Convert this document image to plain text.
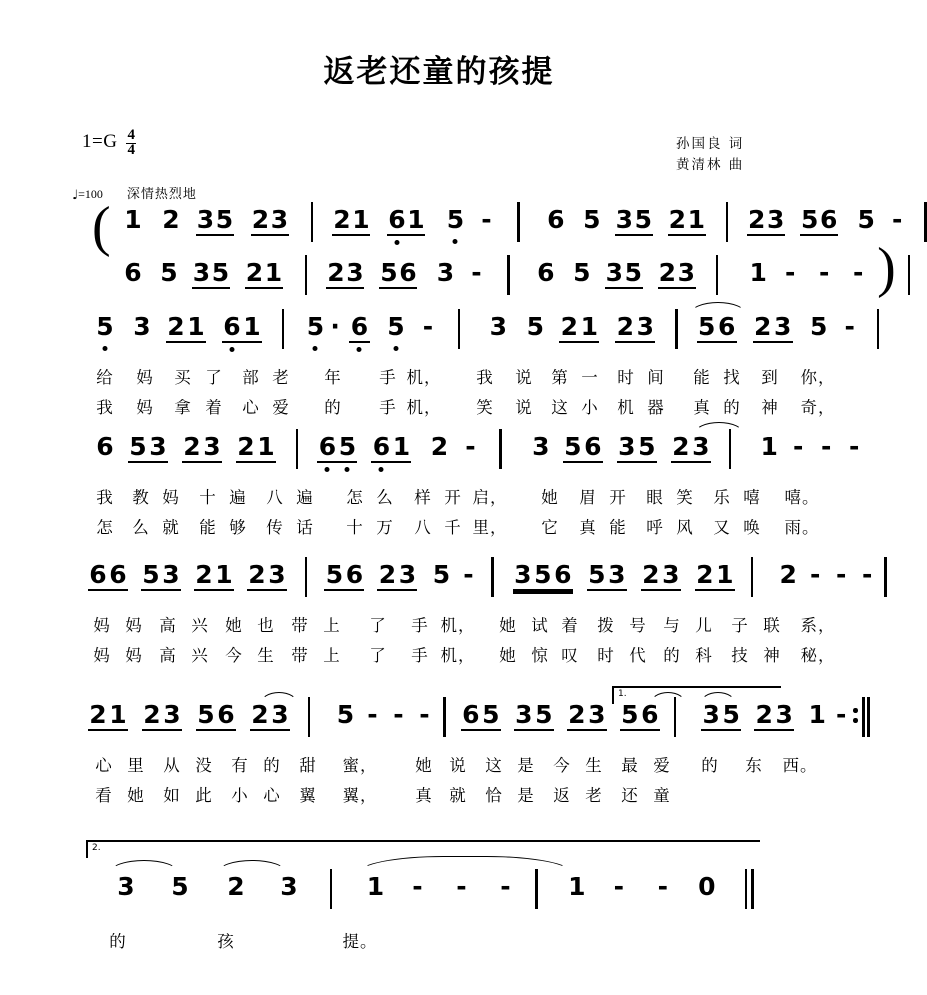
返老还童的孩提
$1=G \frac{4}{4}$	孙国良 词
黄清林 曲
♩=100 深情热烈地
( 1 2 3 5 2 3 2 1 6 1 5 -	6 5 3 5 2 1 2 3 5 6 5 -
6 5 3 5 2 1 2 3 5 6 3 -	6 5 3 5 2 3 1 - - - )
5 3 2 1 6 1 5 · 6 5 -	3 5 2 1 2 3 5 6 2 3 5 -
给 妈 买 了 部 老 年 手 机， 我 说 第 一 时 间 能 找 到 你，
我 妈 拿 着 心 爱 的 手 机， 笑 说 这 小 机 器 真 的 神 奇，
6 5 3 2 3 2 1 6 5 6 1 2 -	3 5 6 3 5 2 3 1 - - -
我 教 妈 十 遍 八 遍 怎 么 样 开 启， 她 眉 开 眼 笑 乐 嘻 嘻。
怎 么 就 能 够 传 话 十 万 八 千 里， 它 真 能 呼 风 又 唤 雨。
6 6 5 3 2 1 2 3 5 6 2 3 5 -	3 5 6 5 3 2 3 2 1 2 - - -
妈 妈 高 兴 她 也 带 上 了 手 机， 她 试 着 拨 号 与 儿 子 联 系，
妈 妈 高 兴 今 生 带 上 了 手 机， 她 惊 叹 时 代 的 科 技 神 秘，
1.
2 1 2 3 5 6 2 3 5 - - -	6 5 3 5 2 3 5 6 3 5 2 3 1 -
心 里 从 没 有 的 甜 蜜， 她 说 这 是 今 生 最 爱 的 东 西。
看 她 如 此 小 心 翼 翼， 真 就 恰 是 返 老 还 童
2.
3	5	2	3	1	-	-	-	1	-	-	0
的	孩	提。
